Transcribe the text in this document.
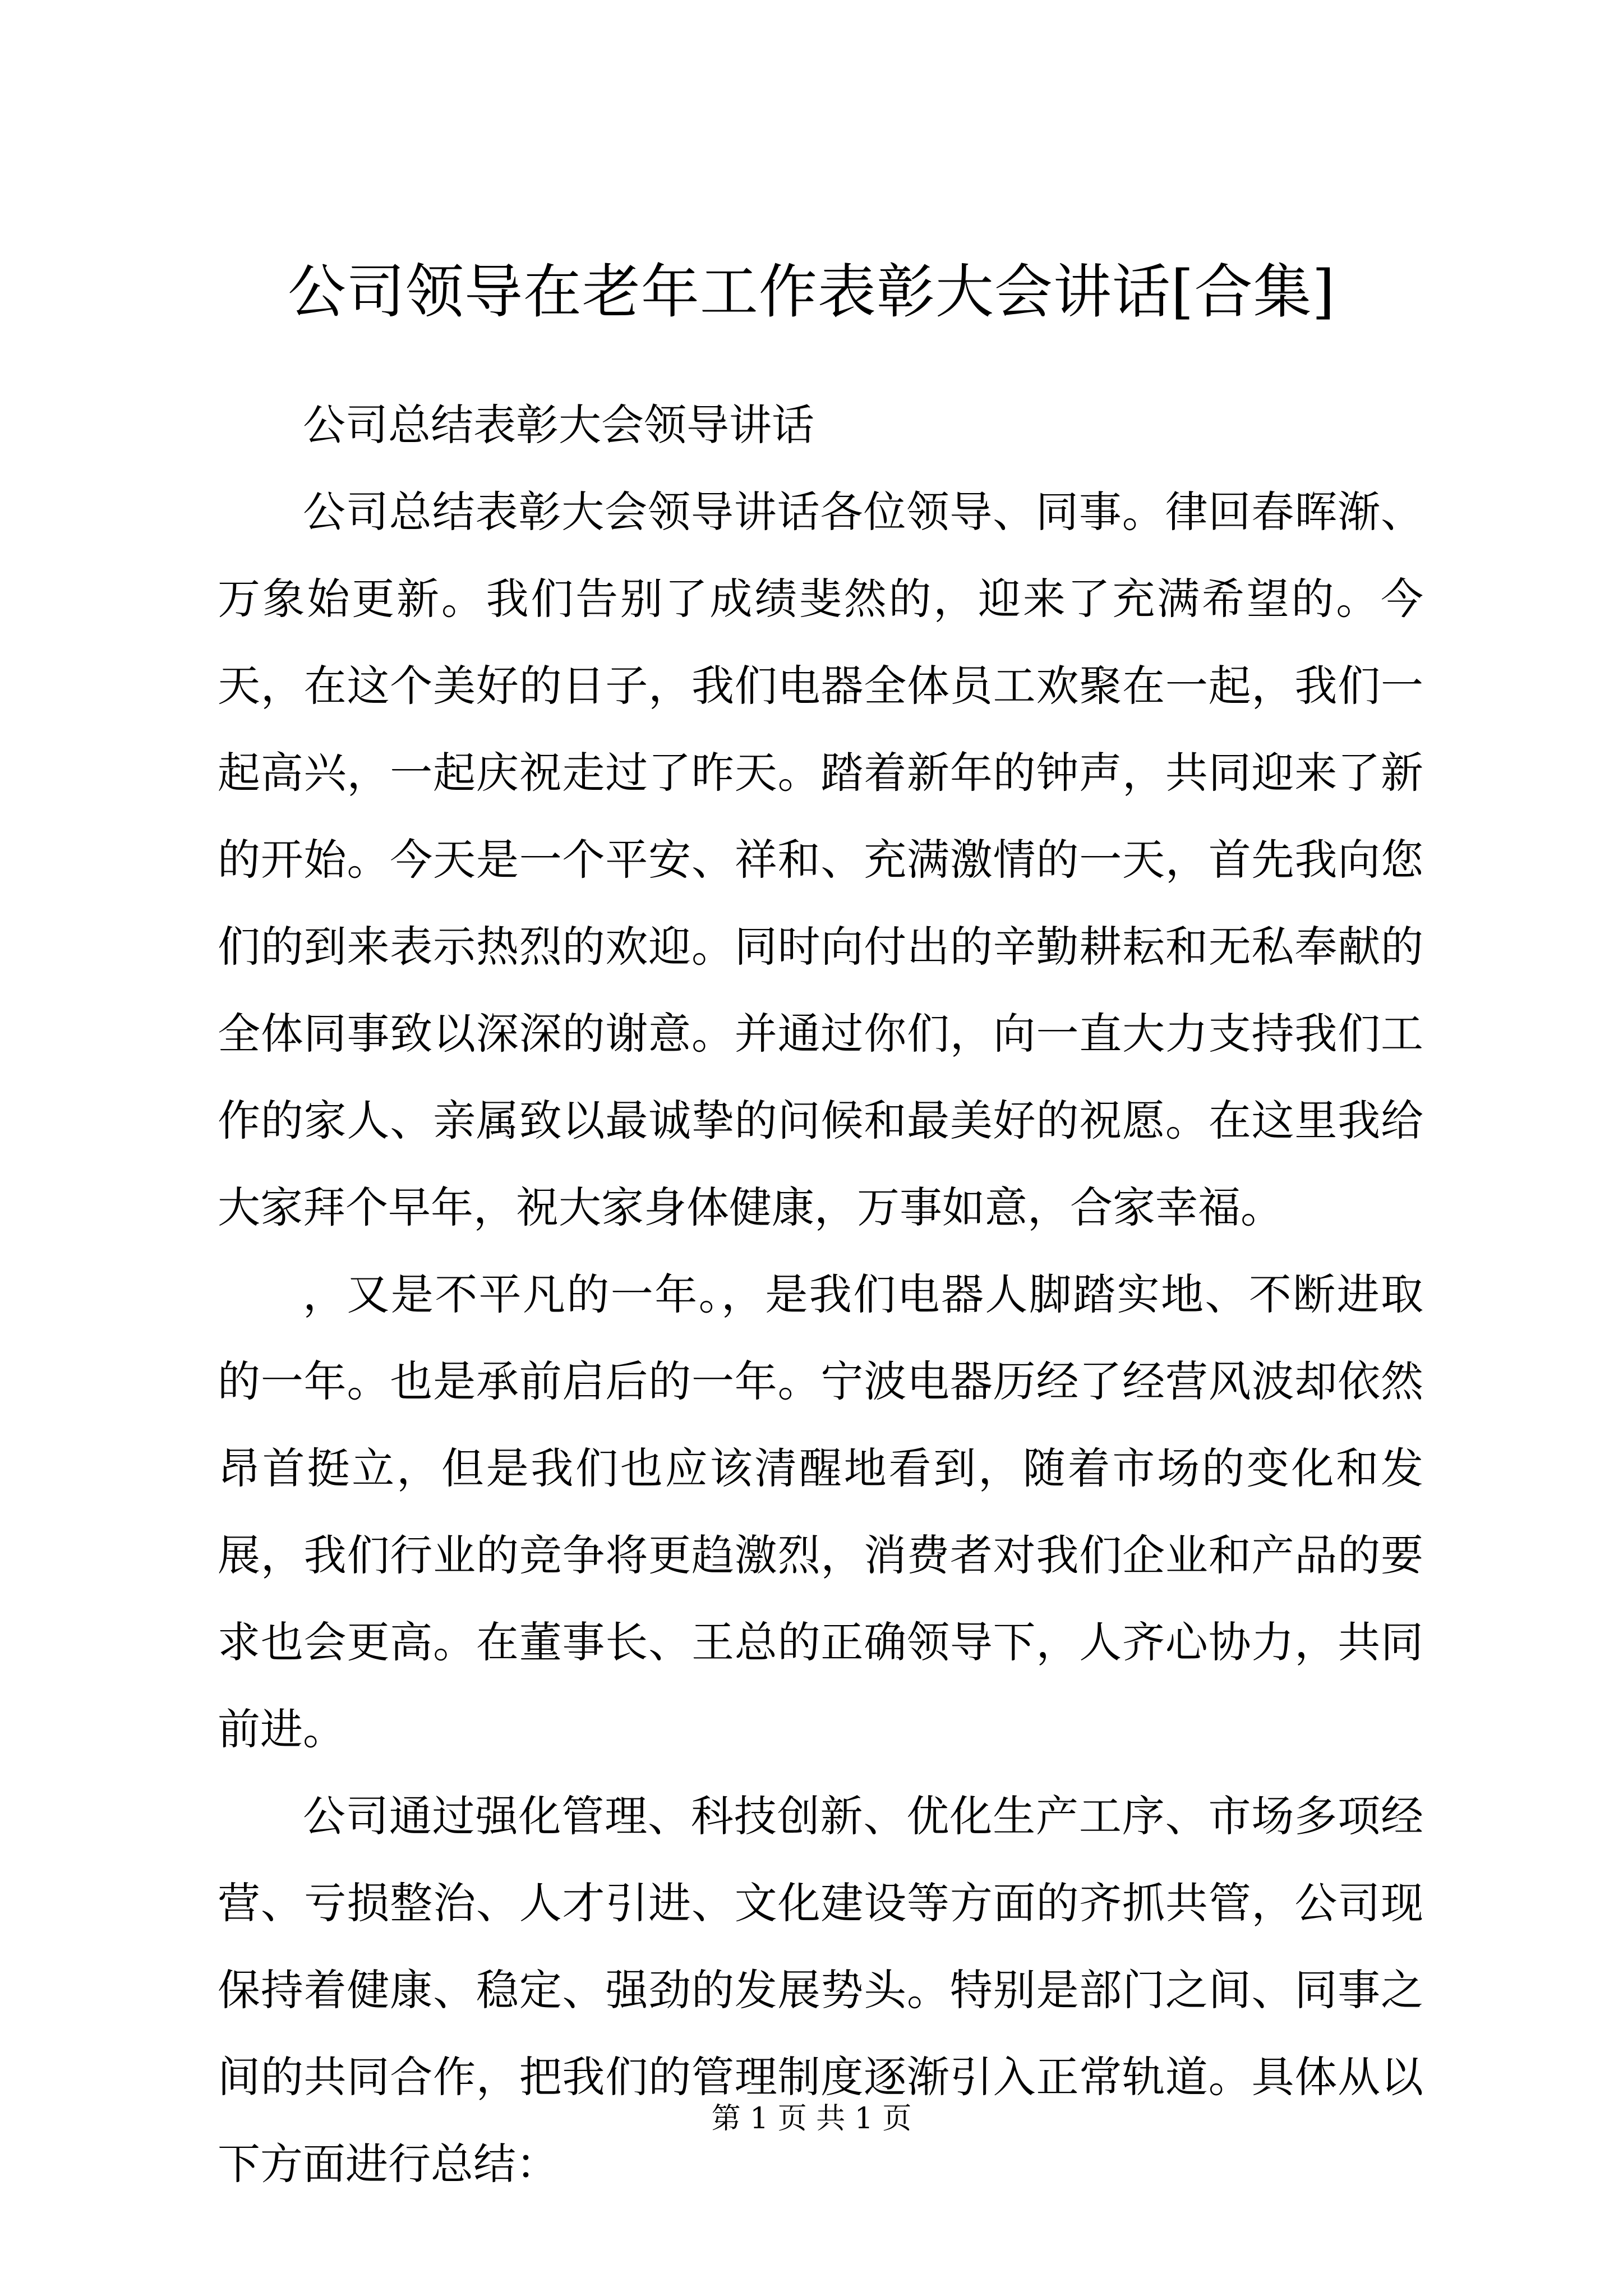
公司领导在老年工作表彰大会讲话[合集]

公司总结表彰大会领导讲话

公司总结表彰大会领导讲话各位领导、同事。律回春晖渐、万象始更新。我们告别了成绩斐然的，迎来了充满希望的。今天，在这个美好的日子，我们电器全体员工欢聚在一起，我们一起高兴，一起庆祝走过了昨天。踏着新年的钟声，共同迎来了新的开始。今天是一个平安、祥和、充满激情的一天，首先我向您们的到来表示热烈的欢迎。同时向付出的辛勤耕耘和无私奉献的全体同事致以深深的谢意。并通过你们，向一直大力支持我们工作的家人、亲属致以最诚挚的问候和最美好的祝愿。在这里我给大家拜个早年，祝大家身体健康，万事如意，合家幸福。

，又是不平凡的一年。，是我们电器人脚踏实地、不断进取的一年。也是承前启后的一年。宁波电器历经了经营风波却依然昂首挺立，但是我们也应该清醒地看到，随着市场的变化和发展，我们行业的竞争将更趋激烈，消费者对我们企业和产品的要求也会更高。在董事长、王总的正确领导下，人齐心协力，共同前进。

公司通过强化管理、科技创新、优化生产工序、市场多项经营、亏损整治、人才引进、文化建设等方面的齐抓共管，公司现保持着健康、稳定、强劲的发展势头。特别是部门之间、同事之间的共同合作，把我们的管理制度逐渐引入正常轨道。具体从以下方面进行总结：

第 1 页 共 1 页
